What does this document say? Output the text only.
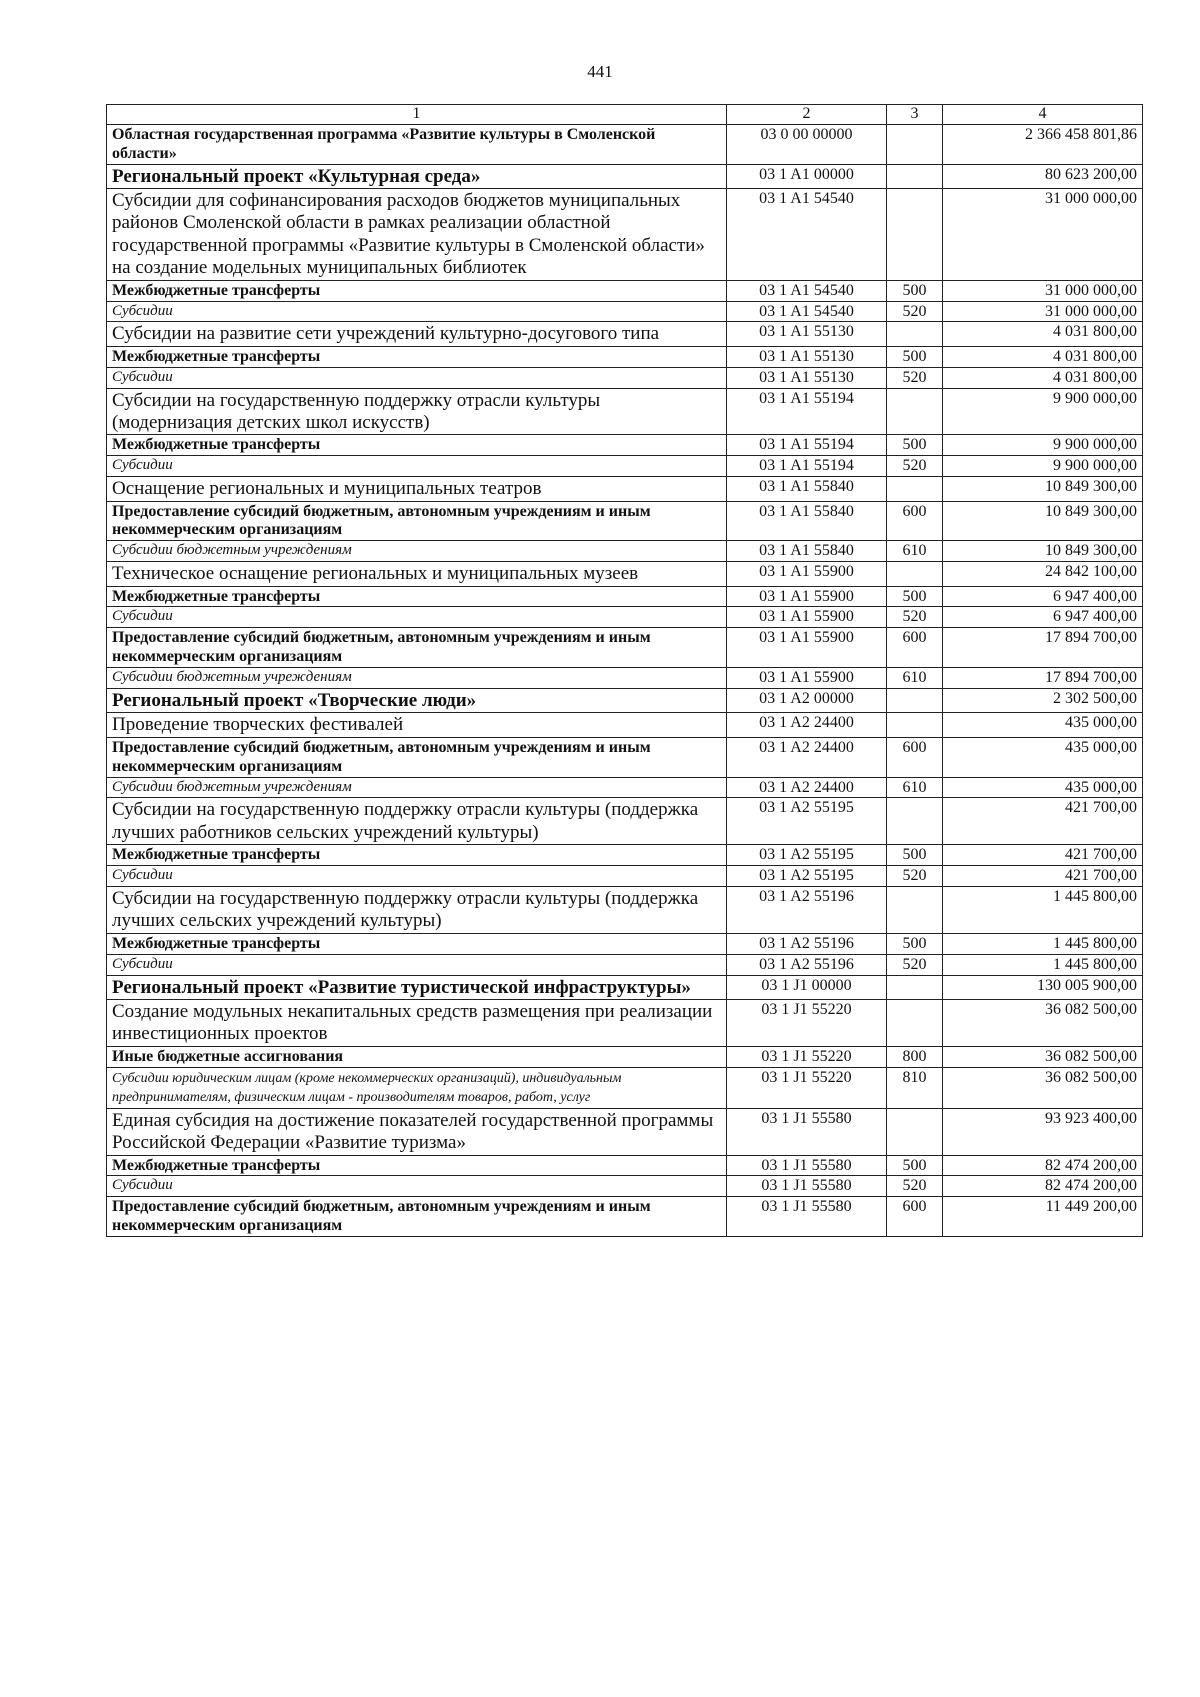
441
1	2	3	4
Областная государственная программа «Развитие культуры в Смоленской области»	03 0 00 00000		2 366 458 801,86
Региональный проект «Культурная среда»	03 1 A1 00000		80 623 200,00
Субсидии для софинансирования расходов бюджетов муниципальных районов Смоленской области в рамках реализации областной государственной программы «Развитие культуры в Смоленской области» на создание модельных муниципальных библиотек	03 1 A1 54540		31 000 000,00
Межбюджетные трансферты	03 1 A1 54540	500	31 000 000,00
Субсидии	03 1 A1 54540	520	31 000 000,00
Субсидии на развитие сети учреждений культурно-досугового типа	03 1 A1 55130		4 031 800,00
Межбюджетные трансферты	03 1 A1 55130	500	4 031 800,00
Субсидии	03 1 A1 55130	520	4 031 800,00
Субсидии на государственную поддержку отрасли культуры (модернизация детских школ искусств)	03 1 A1 55194		9 900 000,00
Межбюджетные трансферты	03 1 A1 55194	500	9 900 000,00
Субсидии	03 1 A1 55194	520	9 900 000,00
Оснащение региональных и муниципальных театров	03 1 A1 55840		10 849 300,00
Предоставление субсидий бюджетным, автономным учреждениям и иным некоммерческим организациям	03 1 A1 55840	600	10 849 300,00
Субсидии бюджетным учреждениям	03 1 A1 55840	610	10 849 300,00
Техническое оснащение региональных и муниципальных музеев	03 1 A1 55900		24 842 100,00
Межбюджетные трансферты	03 1 A1 55900	500	6 947 400,00
Субсидии	03 1 A1 55900	520	6 947 400,00
Предоставление субсидий бюджетным, автономным учреждениям и иным некоммерческим организациям	03 1 A1 55900	600	17 894 700,00
Субсидии бюджетным учреждениям	03 1 A1 55900	610	17 894 700,00
Региональный проект «Творческие люди»	03 1 A2 00000		2 302 500,00
Проведение творческих фестивалей	03 1 A2 24400		435 000,00
Предоставление субсидий бюджетным, автономным учреждениям и иным некоммерческим организациям	03 1 A2 24400	600	435 000,00
Субсидии бюджетным учреждениям	03 1 A2 24400	610	435 000,00
Субсидии на государственную поддержку отрасли культуры (поддержка лучших работников сельских учреждений культуры)	03 1 A2 55195		421 700,00
Межбюджетные трансферты	03 1 A2 55195	500	421 700,00
Субсидии	03 1 A2 55195	520	421 700,00
Субсидии на государственную поддержку отрасли культуры (поддержка лучших сельских учреждений культуры)	03 1 A2 55196		1 445 800,00
Межбюджетные трансферты	03 1 A2 55196	500	1 445 800,00
Субсидии	03 1 A2 55196	520	1 445 800,00
Региональный проект «Развитие туристической инфраструктуры»	03 1 J1 00000		130 005 900,00
Создание модульных некапитальных средств размещения при реализации инвестиционных проектов	03 1 J1 55220		36 082 500,00
Иные бюджетные ассигнования	03 1 J1 55220	800	36 082 500,00
Субсидии юридическим лицам (кроме некоммерческих организаций), индивидуальным предпринимателям, физическим лицам - производителям товаров, работ, услуг	03 1 J1 55220	810	36 082 500,00
Единая субсидия на достижение показателей государственной программы Российской Федерации «Развитие туризма»	03 1 J1 55580		93 923 400,00
Межбюджетные трансферты	03 1 J1 55580	500	82 474 200,00
Субсидии	03 1 J1 55580	520	82 474 200,00
Предоставление субсидий бюджетным, автономным учреждениям и иным некоммерческим организациям	03 1 J1 55580	600	11 449 200,00
